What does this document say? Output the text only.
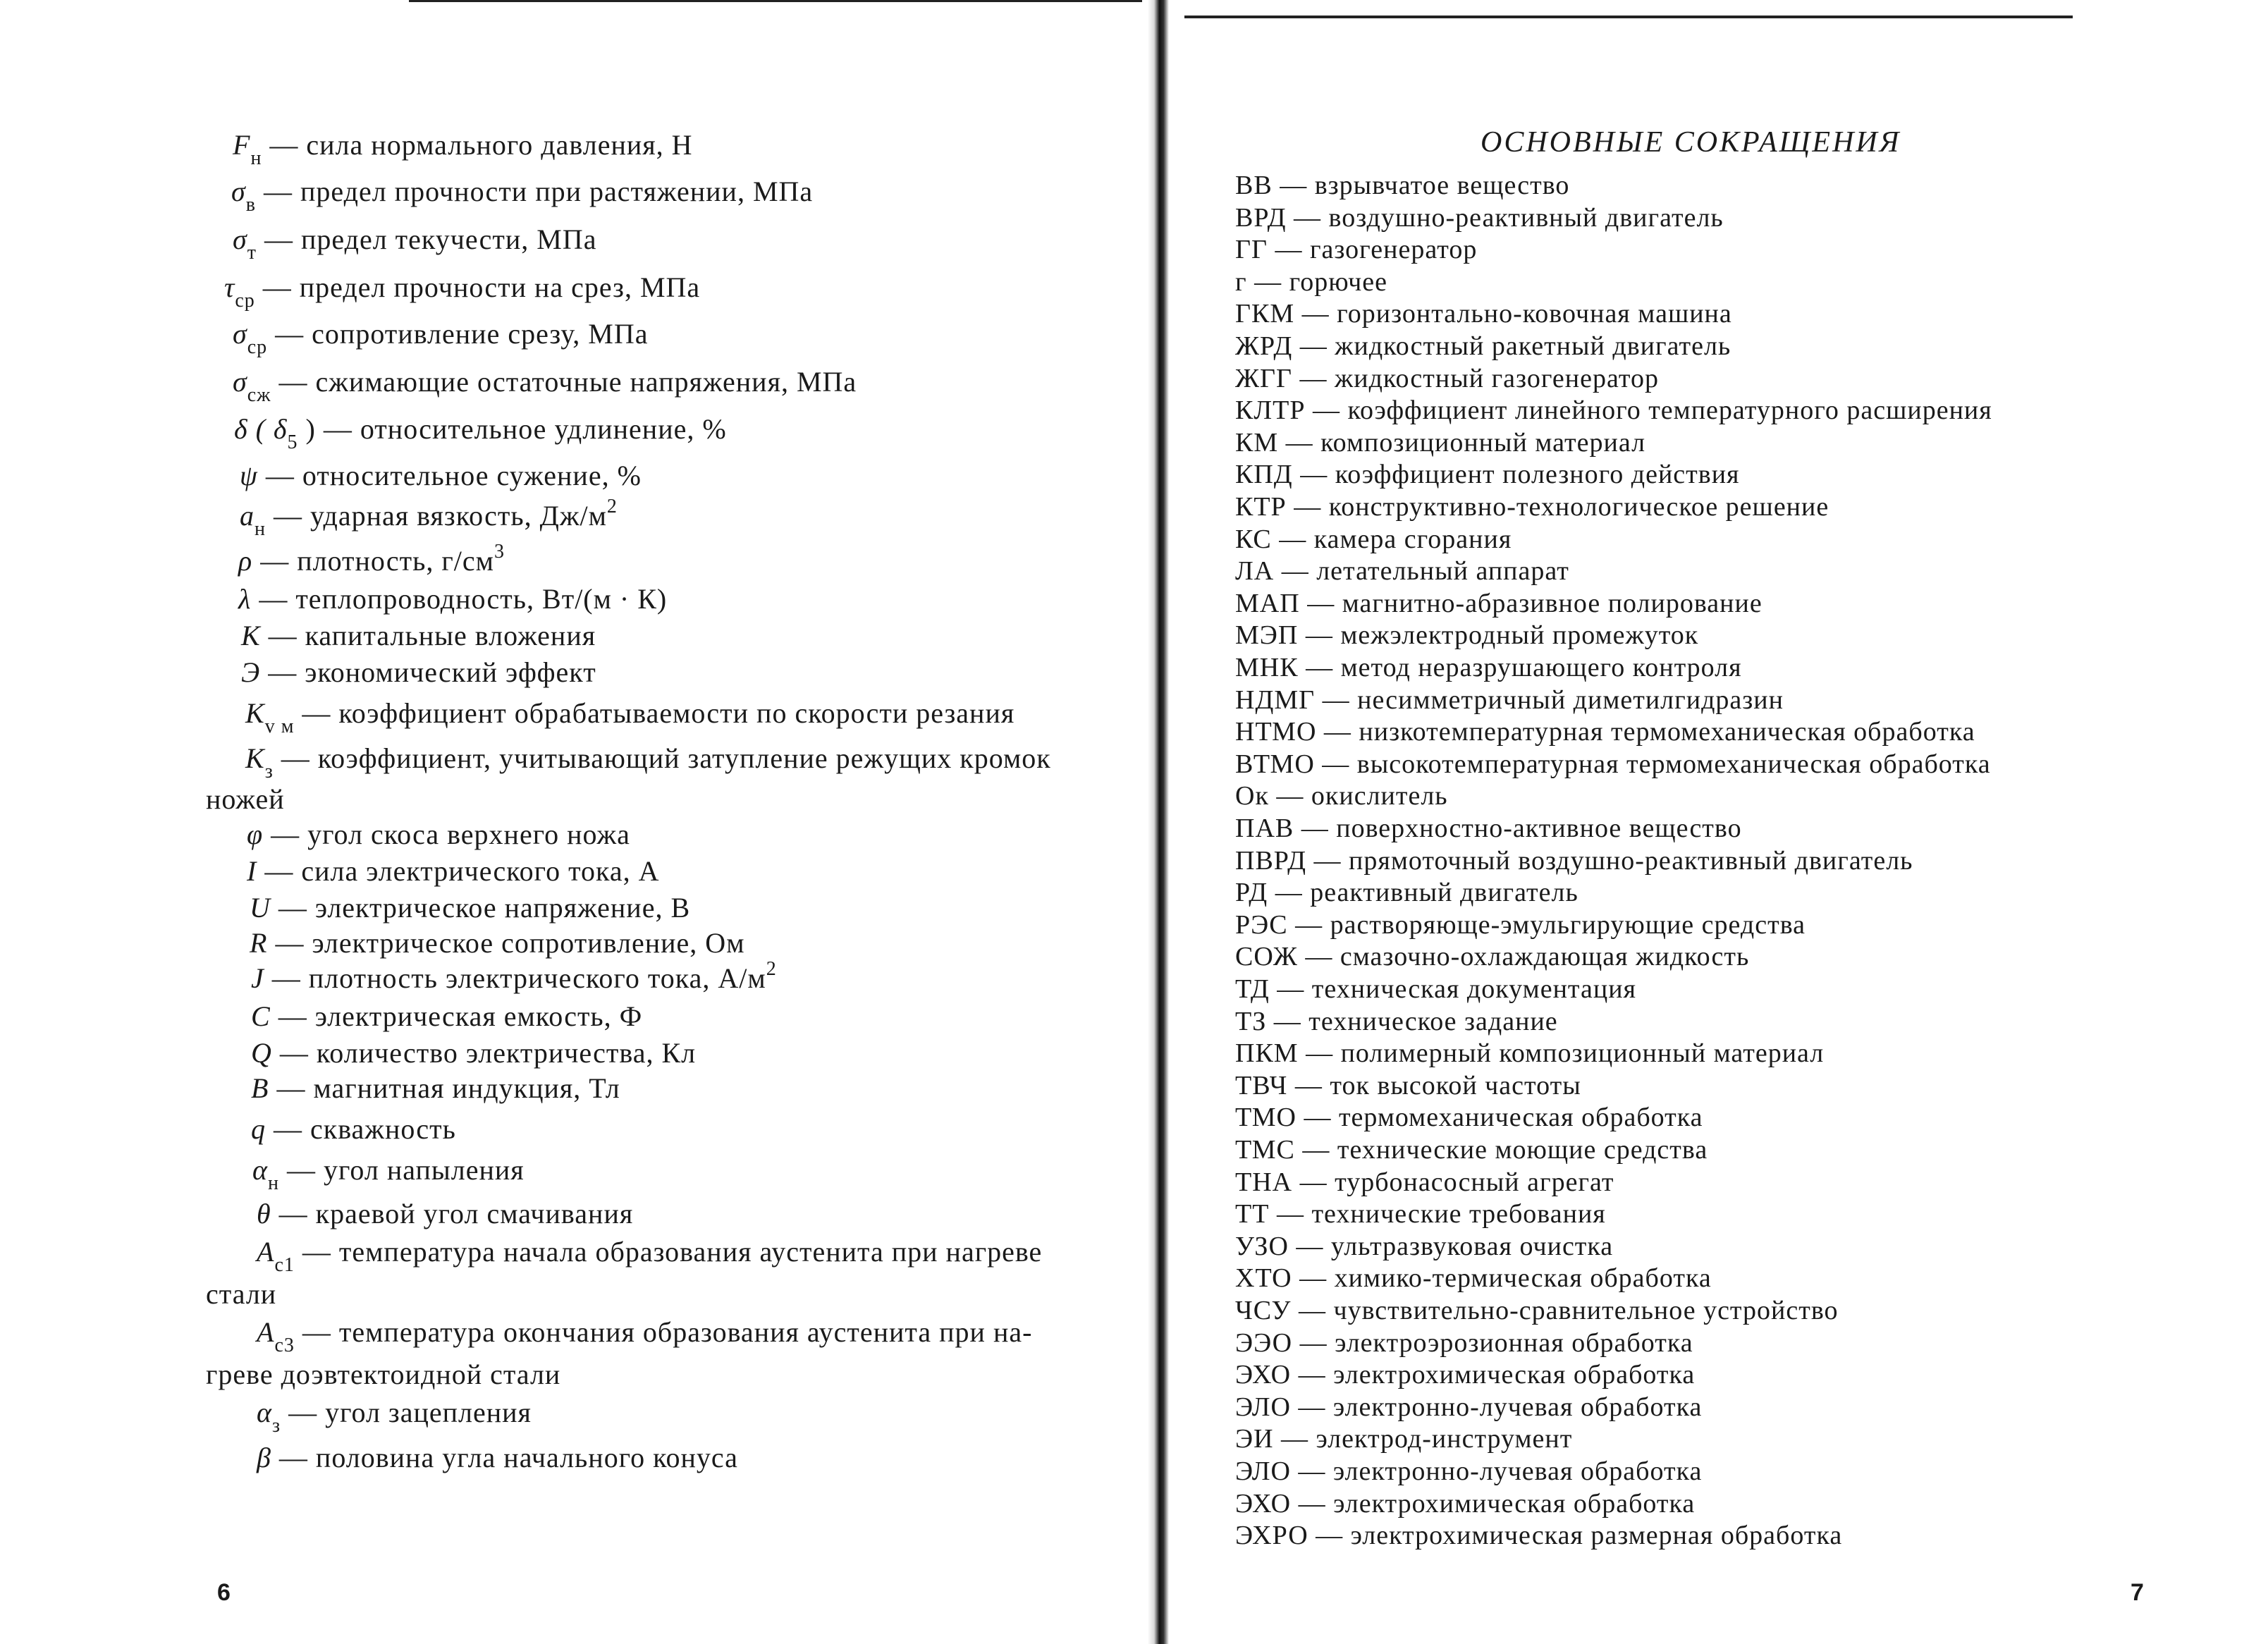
$F_н$ — сила нормального давления, Н
$\sigma_в$ — предел прочности при растяжении, МПа
$\sigma_т$ — предел текучести, МПа
$\tau_{ср}$ — предел прочности на срез, МПа
$\sigma_{ср}$ — сопротивление срезу, МПа
$\sigma_{сж}$ — сжимающие остаточные напряжения, МПа
δ ( $\delta_5$ ) — относительное удлинение, %
ψ — относительное сужение, %
$a_н$ — ударная вязкость, $Дж/м^2$
ρ — плотность, $г/см^3$
λ — теплопроводность, Вт/(м · К)
К — капитальные вложения
Э — экономический эффект
$K_{v м}$ — коэффициент обрабатываемости по скорости резания
$K_з$ — коэффициент, учитывающий затупление режущих кромок
ножей
φ — угол скоса верхнего ножа
I — сила электрического тока, А
U — электрическое напряжение, В
R — электрическое сопротивление, Ом
J — плотность электрического тока, $А/м^2$
C — электрическая емкость, Ф
Q — количество электричества, Кл
B — магнитная индукция, Тл
q — скважность
$\alpha_н$ — угол напыления
θ — краевой угол смачивания
$А_{с1}$ — температура начала образования аустенита при нагреве
стали
$А_{с3}$ — температура окончания образования аустенита при на-
греве доэвтектоидной стали
$\alpha_з$ — угол зацепления
β — половина угла начального конуса
6
ОСНОВНЫЕ СОКРАЩЕНИЯ
ВВ — взрывчатое вещество
ВРД — воздушно-реактивный двигатель
ГГ — газогенератор
г — горючее
ГКМ — горизонтально-ковочная машина
ЖРД — жидкостный ракетный двигатель
ЖГГ — жидкостный газогенератор
КЛТР — коэффициент линейного температурного расширения
КМ — композиционный материал
КПД — коэффициент полезного действия
КТР — конструктивно-технологическое решение
КС — камера сгорания
ЛА — летательный аппарат
МАП — магнитно-абразивное полирование
МЭП — межэлектродный промежуток
МНК — метод неразрушающего контроля
НДМГ — несимметричный диметилгидразин
НТМО — низкотемпературная термомеханическая обработка
ВТМО — высокотемпературная термомеханическая обработка
Ок — окислитель
ПАВ — поверхностно-активное вещество
ПВРД — прямоточный воздушно-реактивный двигатель
РД — реактивный двигатель
РЭС — растворяюще-эмульгирующие средства
СОЖ — смазочно-охлаждающая жидкость
ТД — техническая документация
ТЗ — техническое задание
ПКМ — полимерный композиционный материал
ТВЧ — ток высокой частоты
ТМО — термомеханическая обработка
ТМС — технические моющие средства
ТНА — турбонасосный агрегат
ТТ — технические требования
УЗО — ультразвуковая очистка
ХТО — химико-термическая обработка
ЧСУ — чувствительно-сравнительное устройство
ЭЭО — электроэрозионная обработка
ЭХО — электрохимическая обработка
ЭЛО — электронно-лучевая обработка
ЭИ — электрод-инструмент
ЭЛО — электронно-лучевая обработка
ЭХО — электрохимическая обработка
ЭХРО — электрохимическая размерная обработка
7
